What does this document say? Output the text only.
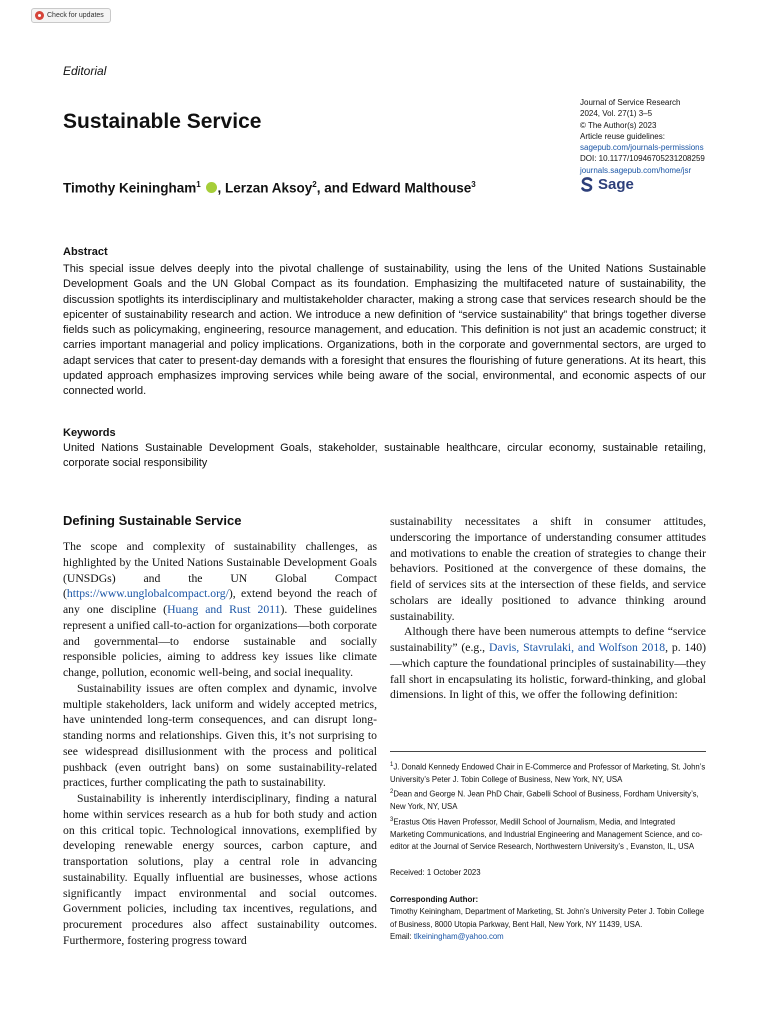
Check for updates
Editorial
Sustainable Service
Journal of Service Research
2024, Vol. 27(1) 3–5
© The Author(s) 2023
Article reuse guidelines:
sagepub.com/journals-permissions
DOI: 10.1177/10946705231208259
journals.sagepub.com/home/jsr
Sage
Timothy Keiningham$^1$ , Lerzan Aksoy$^2$, and Edward Malthouse$^3$
Abstract
This special issue delves deeply into the pivotal challenge of sustainability, using the lens of the United Nations Sustainable Development Goals and the UN Global Compact as its foundation. Emphasizing the multifaceted nature of sustainability, the discussion spotlights its interdisciplinary and multistakeholder character, making a strong case that services research should be the epicenter of sustainability research and action. We introduce a new definition of “service sustainability” that brings together diverse fields such as policymaking, engineering, resource management, and education. This definition is not just an academic construct; it carries important managerial and policy implications. Organizations, both in the corporate and governmental sectors, are urged to adapt services that cater to present-day demands with a foresight that ensures the flourishing of future generations. At its heart, this updated approach emphasizes improving services while being aware of the social, environmental, and economic aspects of our connected world.
Keywords
United Nations Sustainable Development Goals, stakeholder, sustainable healthcare, circular economy, sustainable retailing, corporate social responsibility
Defining Sustainable Service

The scope and complexity of sustainability challenges, as highlighted by the United Nations Sustainable Development Goals (UNSDGs) and the UN Global Compact (https://www.unglobalcompact.org/), extend beyond the reach of any one discipline (Huang and Rust 2011). These guidelines represent a unified call-to-action for organizations—both corporate and governmental—to endorse sustainable and socially responsible policies, aiming to address key issues like climate change, pollution, economic well-being, and social inequality.

Sustainability issues are often complex and dynamic, involve multiple stakeholders, lack uniform and widely accepted metrics, have unintended long-term consequences, and can disrupt long-standing norms and relationships. Given this, it’s not surprising to see widespread disillusionment with the process and political pushback (even outright bans) on some sustainability-related practices, further complicating the path to sustainability.

Sustainability is inherently interdisciplinary, finding a natural home within services research as a hub for both study and action on this critical topic. Technological innovations, exemplified by developing renewable energy sources, carbon capture, and transportation solutions, play a central role in advancing sustainability. Equally influential are businesses, whose actions significantly impact environmental and social outcomes. Government policies, including tax incentives, regulations, and procurement procedures also affect sustainability outcomes. Furthermore, fostering progress toward

sustainability necessitates a shift in consumer attitudes, underscoring the importance of understanding consumer attitudes and motivations to enable the creation of strategies to change their behaviors. Positioned at the convergence of these domains, the field of services sits at the intersection of these fields, and service scholars are ideally positioned to advance thinking around sustainability.

Although there have been numerous attempts to define “service sustainability” (e.g., Davis, Stavrulaki, and Wolfson 2018, p. 140)—which capture the foundational principles of sustainability—they fall short in encapsulating its holistic, forward-thinking, and global dimensions. In light of this, we offer the following definition:

$^1$J. Donald Kennedy Endowed Chair in E-Commerce and Professor of Marketing, St. John’s University’s Peter J. Tobin College of Business, New York, NY, USA
$^2$Dean and George N. Jean PhD Chair, Gabelli School of Business, Fordham University’s, New York, NY, USA
$^3$Erastus Otis Haven Professor, Medill School of Journalism, Media, and Integrated Marketing Communications, and Industrial Engineering and Management Science, and co-editor at the Journal of Service Research, Northwestern University’s , Evanston, IL, USA
Received: 1 October 2023
Corresponding Author:
Timothy Keiningham, Department of Marketing, St. John’s University Peter J. Tobin College of Business, 8000 Utopia Parkway, Bent Hall, New York, NY 11439, USA.
Email: tlkeiningham@yahoo.com
